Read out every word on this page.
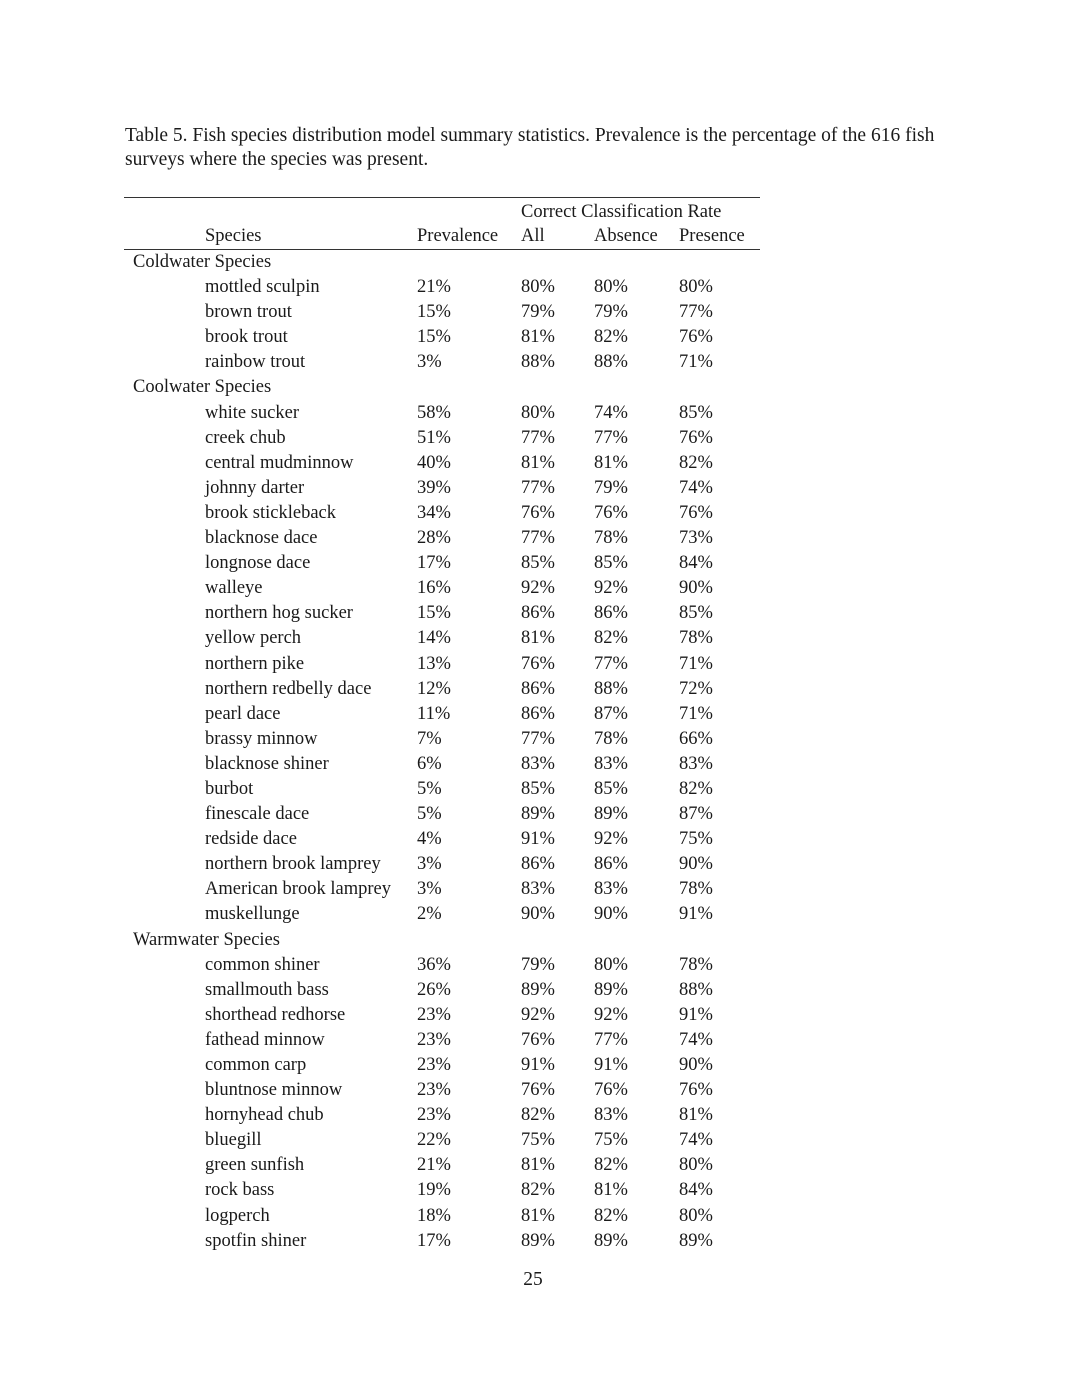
Table 5. Fish species distribution model summary statistics. Prevalence is the percentage of the 616 fish surveys where the species was present.

Correct Classification Rate
Species	Prevalence All	Absence Presence
Coldwater Species
mottled sculpin	21%	80% 80%	80%
brown trout	15%	79% 79%	77%
brook trout	15%	81% 82%	76%
rainbow trout	3%	88% 88%	71%
Coolwater Species
white sucker	58%	80% 74%	85%
creek chub	51%	77% 77%	76%
central mudminnow	40%	81% 81%	82%
johnny darter	39%	77% 79%	74%
brook stickleback	34%	76% 76%	76%
blacknose dace	28%	77% 78%	73%
longnose dace	17%	85% 85%	84%
walleye	16%	92% 92%	90%
northern hog sucker	15%	86% 86%	85%
yellow perch	14%	81% 82%	78%
northern pike	13%	76% 77%	71%
northern redbelly dace 12%	86% 88%	72%
pearl dace	11%	86% 87%	71%
brassy minnow	7%	77% 78%	66%
blacknose shiner	6%	83% 83%	83%
burbot	5%	85% 85%	82%
finescale dace	5%	89% 89%	87%
redside dace	4%	91% 92%	75%
northern brook lamprey 3%	86% 86%	90%
American brook lamprey 3%	83% 83%	78%
muskellunge	2%	90% 90%	91%
Warmwater Species
common shiner	36%	79% 80%	78%
smallmouth bass	26%	89% 89%	88%
shorthead redhorse	23%	92% 92%	91%
fathead minnow	23%	76% 77%	74%
common carp	23%	91% 91%	90%
bluntnose minnow	23%	76% 76%	76%
hornyhead chub	23%	82% 83%	81%
bluegill	22%	75% 75%	74%
green sunfish	21%	81% 82%	80%
rock bass	19%	82% 81%	84%
logperch	18%	81% 82%	80%
spotfin shiner	17%	89% 89%	89%
25
